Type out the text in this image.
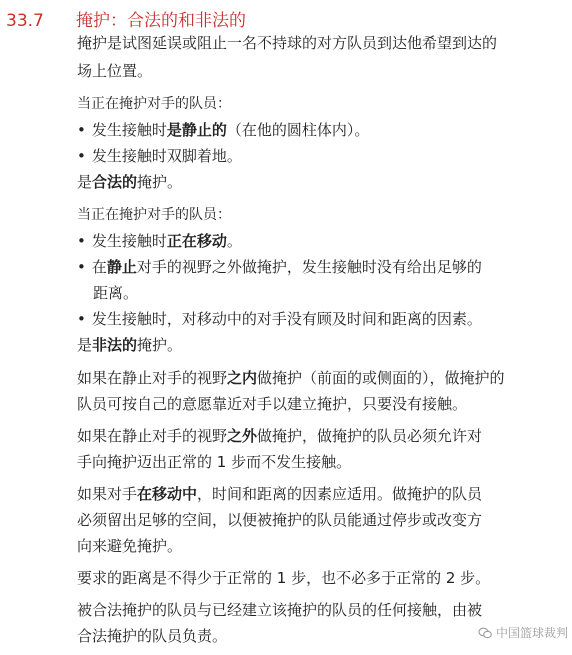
33.7	掩护：合法的和非法的
掩护是试图延误或阻止一名不持球的对方队员到达他希望到达的
场上位置。
当正在掩护对手的队员：
• 发生接触时是静止的（在他的圆柱体内）。
• 发生接触时双脚着地。
是合法的掩护。
当正在掩护对手的队员：
• 发生接触时正在移动。
• 在静止对手的视野之外做掩护，发生接触时没有给出足够的
距离。
• 发生接触时，对移动中的对手没有顾及时间和距离的因素。
是非法的掩护。
如果在静止对手的视野之内做掩护（前面的或侧面的），做掩护的
队员可按自己的意愿靠近对手以建立掩护，只要没有接触。
如果在静止对手的视野之外做掩护，做掩护的队员必须允许对
手向掩护迈出正常的 1 步而不发生接触。
如果对手在移动中，时间和距离的因素应适用。做掩护的队员
必须留出足够的空间，以便被掩护的队员能通过停步或改变方
向来避免掩护。
要求的距离是不得少于正常的 1 步，也不必多于正常的 2 步。
被合法掩护的队员与已经建立该掩护的队员的任何接触，由被
合法掩护的队员负责。	中国篮球裁判
